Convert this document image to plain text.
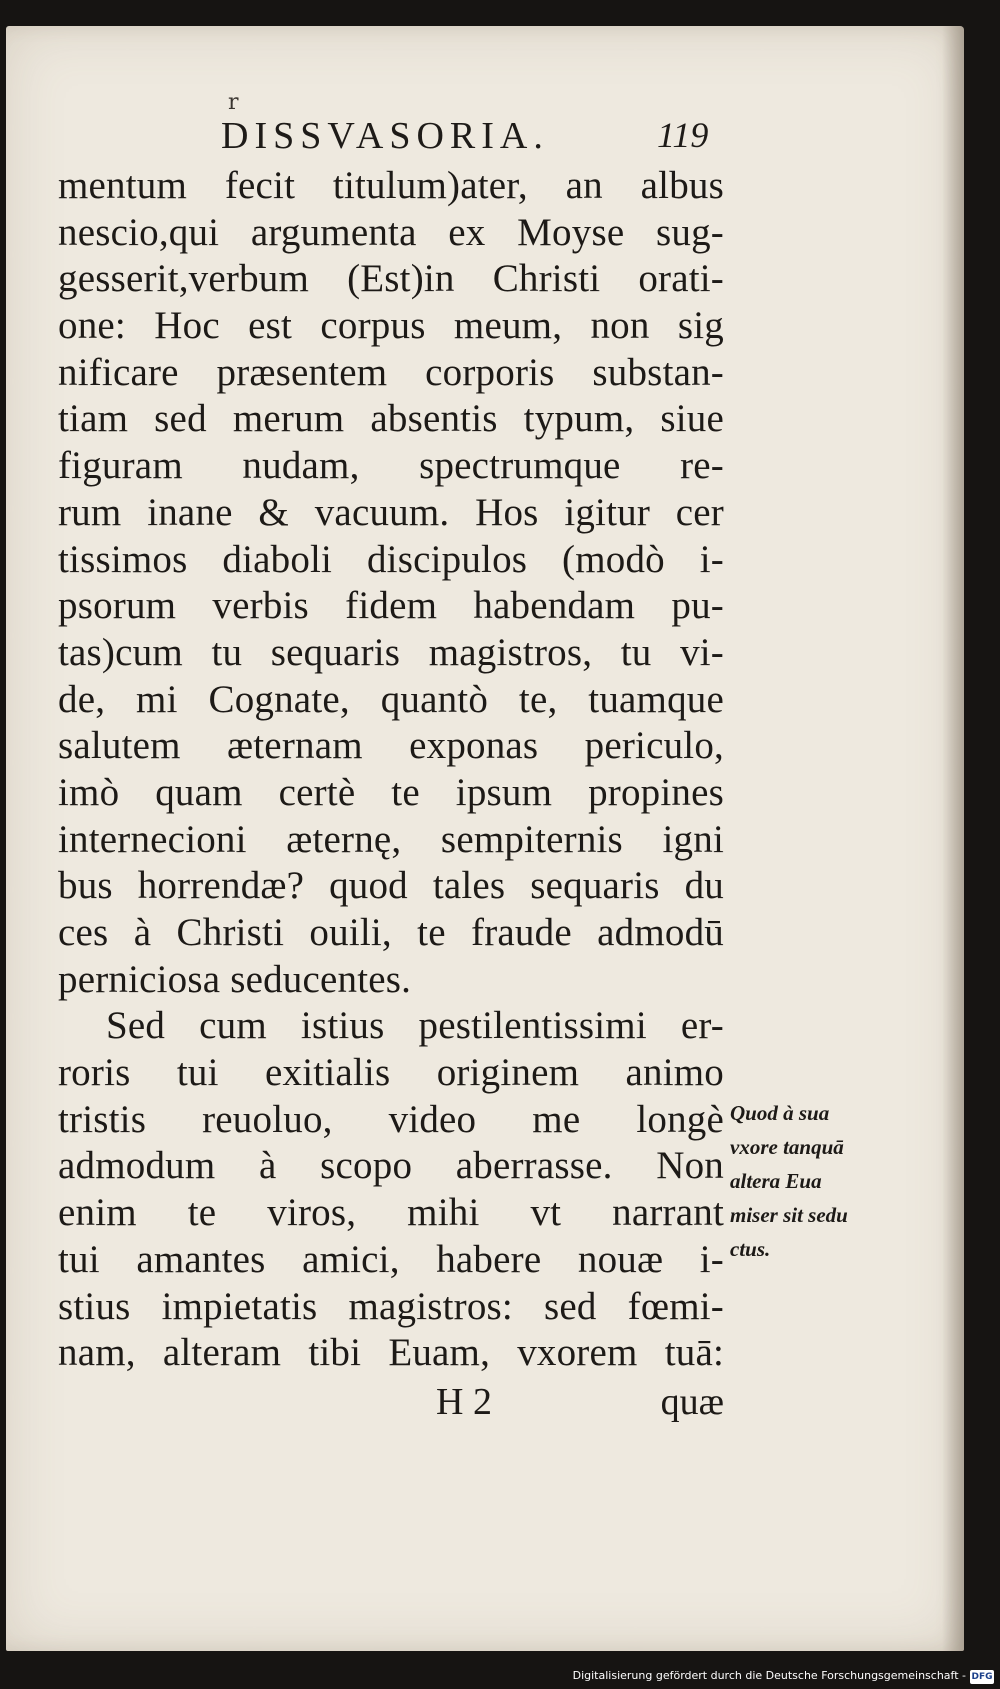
r
DISSVASORIA.	119
mentum fecit titulum)ater, an albus
nescio,qui argumenta ex Moyse sug-
gesserit,verbum (Est)in Christi orati-
one: Hoc est corpus meum, non sig
nificare præsentem corporis substan-
tiam sed merum absentis typum, siue
figuram nudam, spectrumque re-
rum inane & vacuum. Hos igitur cer
tissimos diaboli discipulos (modò i-
psorum verbis fidem habendam pu-
tas)cum tu sequaris magistros, tu vi-
de, mi Cognate, quantò te, tuamque
salutem æternam exponas periculo,
imò quam certè te ipsum propines
internecioni æternę, sempiternis igni
bus horrendæ? quod tales sequaris du
ces à Christi ouili, te fraude admodū
perniciosa seducentes.
Sed cum istius pestilentissimi er-
roris tui exitialis originem animo
tristis reuoluo, video me longè
admodum à scopo aberrasse. Non
enim te viros, mihi vt narrant
tui amantes amici, habere nouæ i-
stius impietatis magistros: sed fœmi-
nam, alteram tibi Euam, vxorem tuā:
Quod à sua
vxore tanquā
altera Eua
miser sit sedu
ctus.
H 2	quæ
Digitalisierung gefördert durch die Deutsche Forschungsgemeinschaft - DFG
